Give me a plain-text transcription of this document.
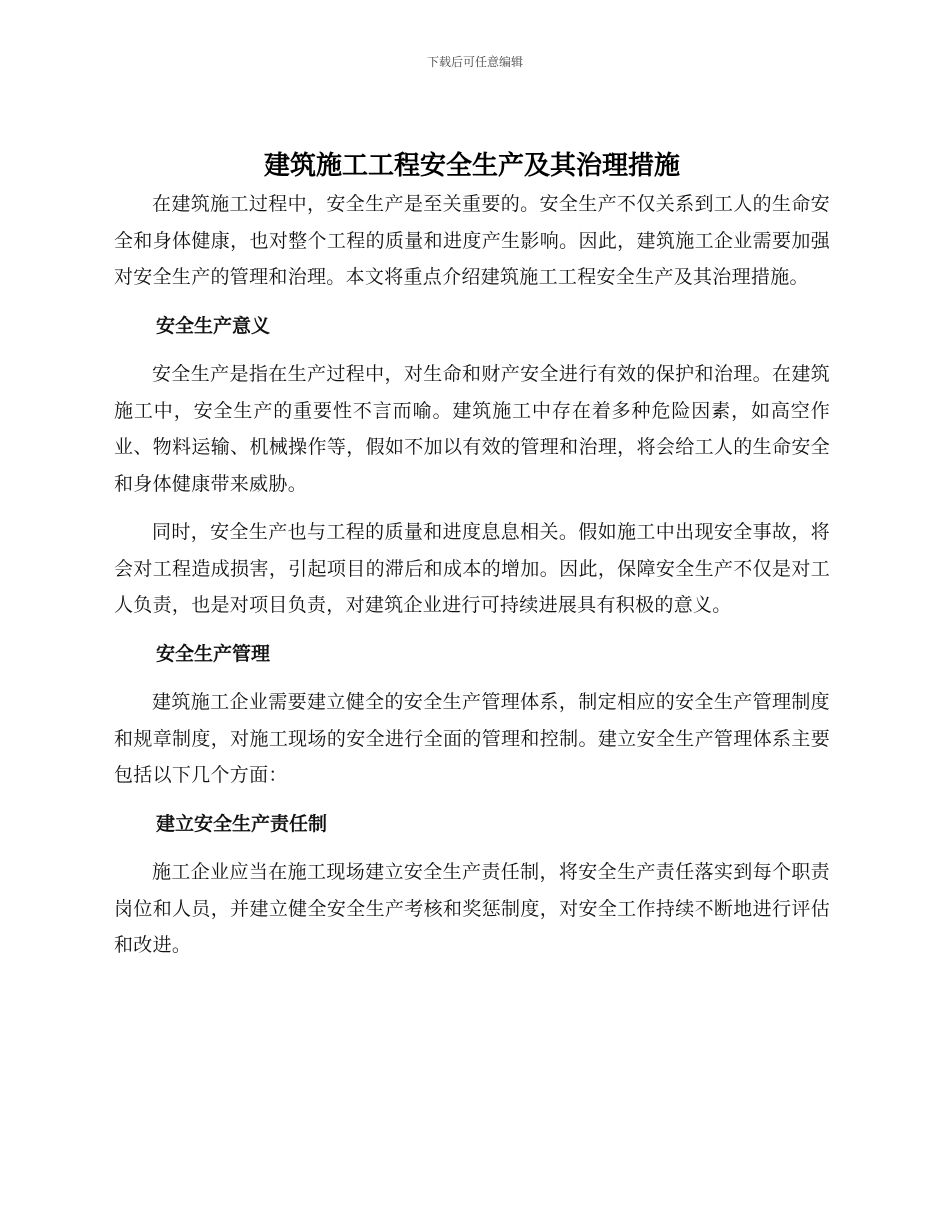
下载后可任意编辑
建筑施工工程安全生产及其治理措施

在建筑施工过程中，安全生产是至关重要的。安全生产不仅关系到工人的生命安全和身体健康，也对整个工程的质量和进度产生影响。因此，建筑施工企业需要加强对安全生产的管理和治理。本文将重点介绍建筑施工工程安全生产及其治理措施。

安全生产意义

安全生产是指在生产过程中，对生命和财产安全进行有效的保护和治理。在建筑施工中，安全生产的重要性不言而喻。建筑施工中存在着多种危险因素，如高空作业、物料运输、机械操作等，假如不加以有效的管理和治理，将会给工人的生命安全和身体健康带来威胁。

同时，安全生产也与工程的质量和进度息息相关。假如施工中出现安全事故，将会对工程造成损害，引起项目的滞后和成本的增加。因此，保障安全生产不仅是对工人负责，也是对项目负责，对建筑企业进行可持续进展具有积极的意义。

安全生产管理

建筑施工企业需要建立健全的安全生产管理体系，制定相应的安全生产管理制度和规章制度，对施工现场的安全进行全面的管理和控制。建立安全生产管理体系主要包括以下几个方面：

建立安全生产责任制

施工企业应当在施工现场建立安全生产责任制，将安全生产责任落实到每个职责岗位和人员，并建立健全安全生产考核和奖惩制度，对安全工作持续不断地进行评估和改进。
